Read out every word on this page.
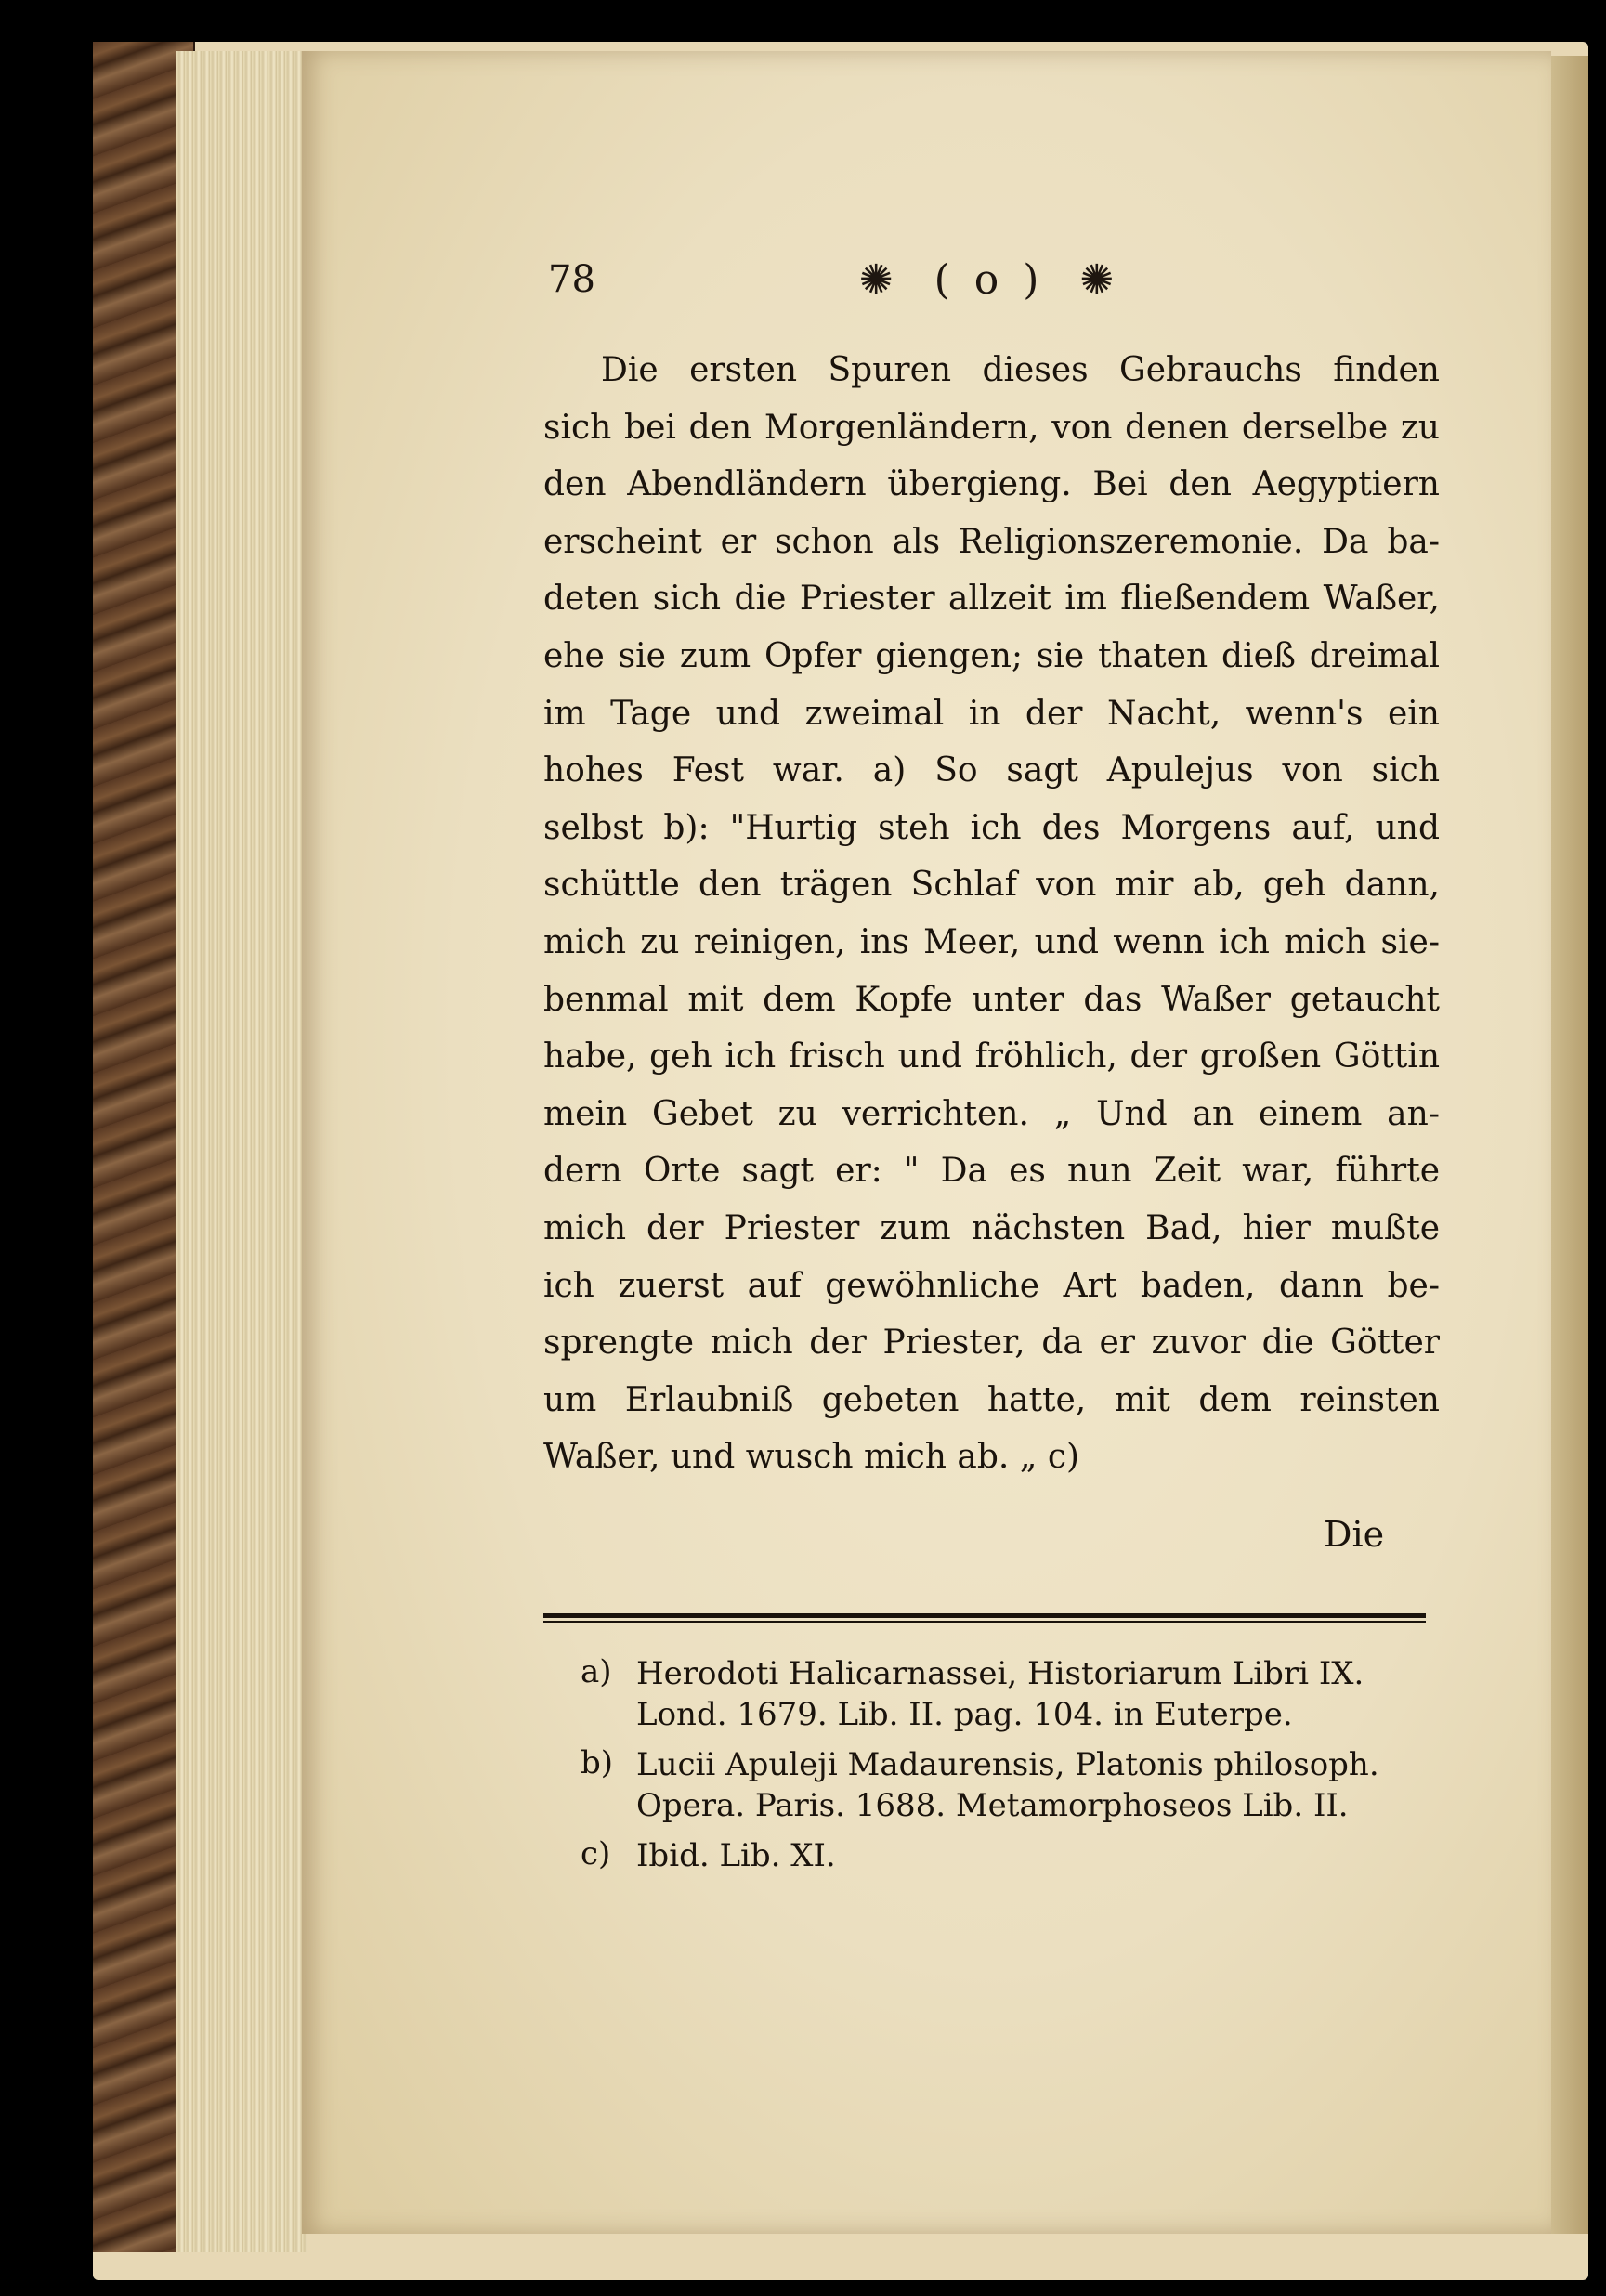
78	✺ ( o ) ✺
Die ersten Spuren dieses Gebrauchs finden
sich bei den Morgenländern, von denen derselbe zu
den Abendländern übergieng. Bei den Aegyptiern
erscheint er schon als Religionszeremonie. Da ba-
deten sich die Priester allzeit im fließendem Waßer,
ehe sie zum Opfer giengen; sie thaten dieß dreimal
im Tage und zweimal in der Nacht, wenn's ein
hohes Fest war. a) So sagt Apulejus von sich
selbst b): "Hurtig steh ich des Morgens auf, und
schüttle den trägen Schlaf von mir ab, geh dann,
mich zu reinigen, ins Meer, und wenn ich mich sie-
benmal mit dem Kopfe unter das Waßer getaucht
habe, geh ich frisch und fröhlich, der großen Göttin
mein Gebet zu verrichten. „ Und an einem an-
dern Orte sagt er: " Da es nun Zeit war, führte
mich der Priester zum nächsten Bad, hier mußte
ich zuerst auf gewöhnliche Art baden, dann be-
sprengte mich der Priester, da er zuvor die Götter
um Erlaubniß gebeten hatte, mit dem reinsten
Waßer, und wusch mich ab. „ c)
Die
a) Herodoti Halicarnassei, Historiarum Libri IX.
Lond. 1679. Lib. II. pag. 104. in Euterpe.
b) Lucii Apuleji Madaurensis, Platonis philosoph.
Opera. Paris. 1688. Metamorphoseos Lib. II.
c) Ibid. Lib. XI.
